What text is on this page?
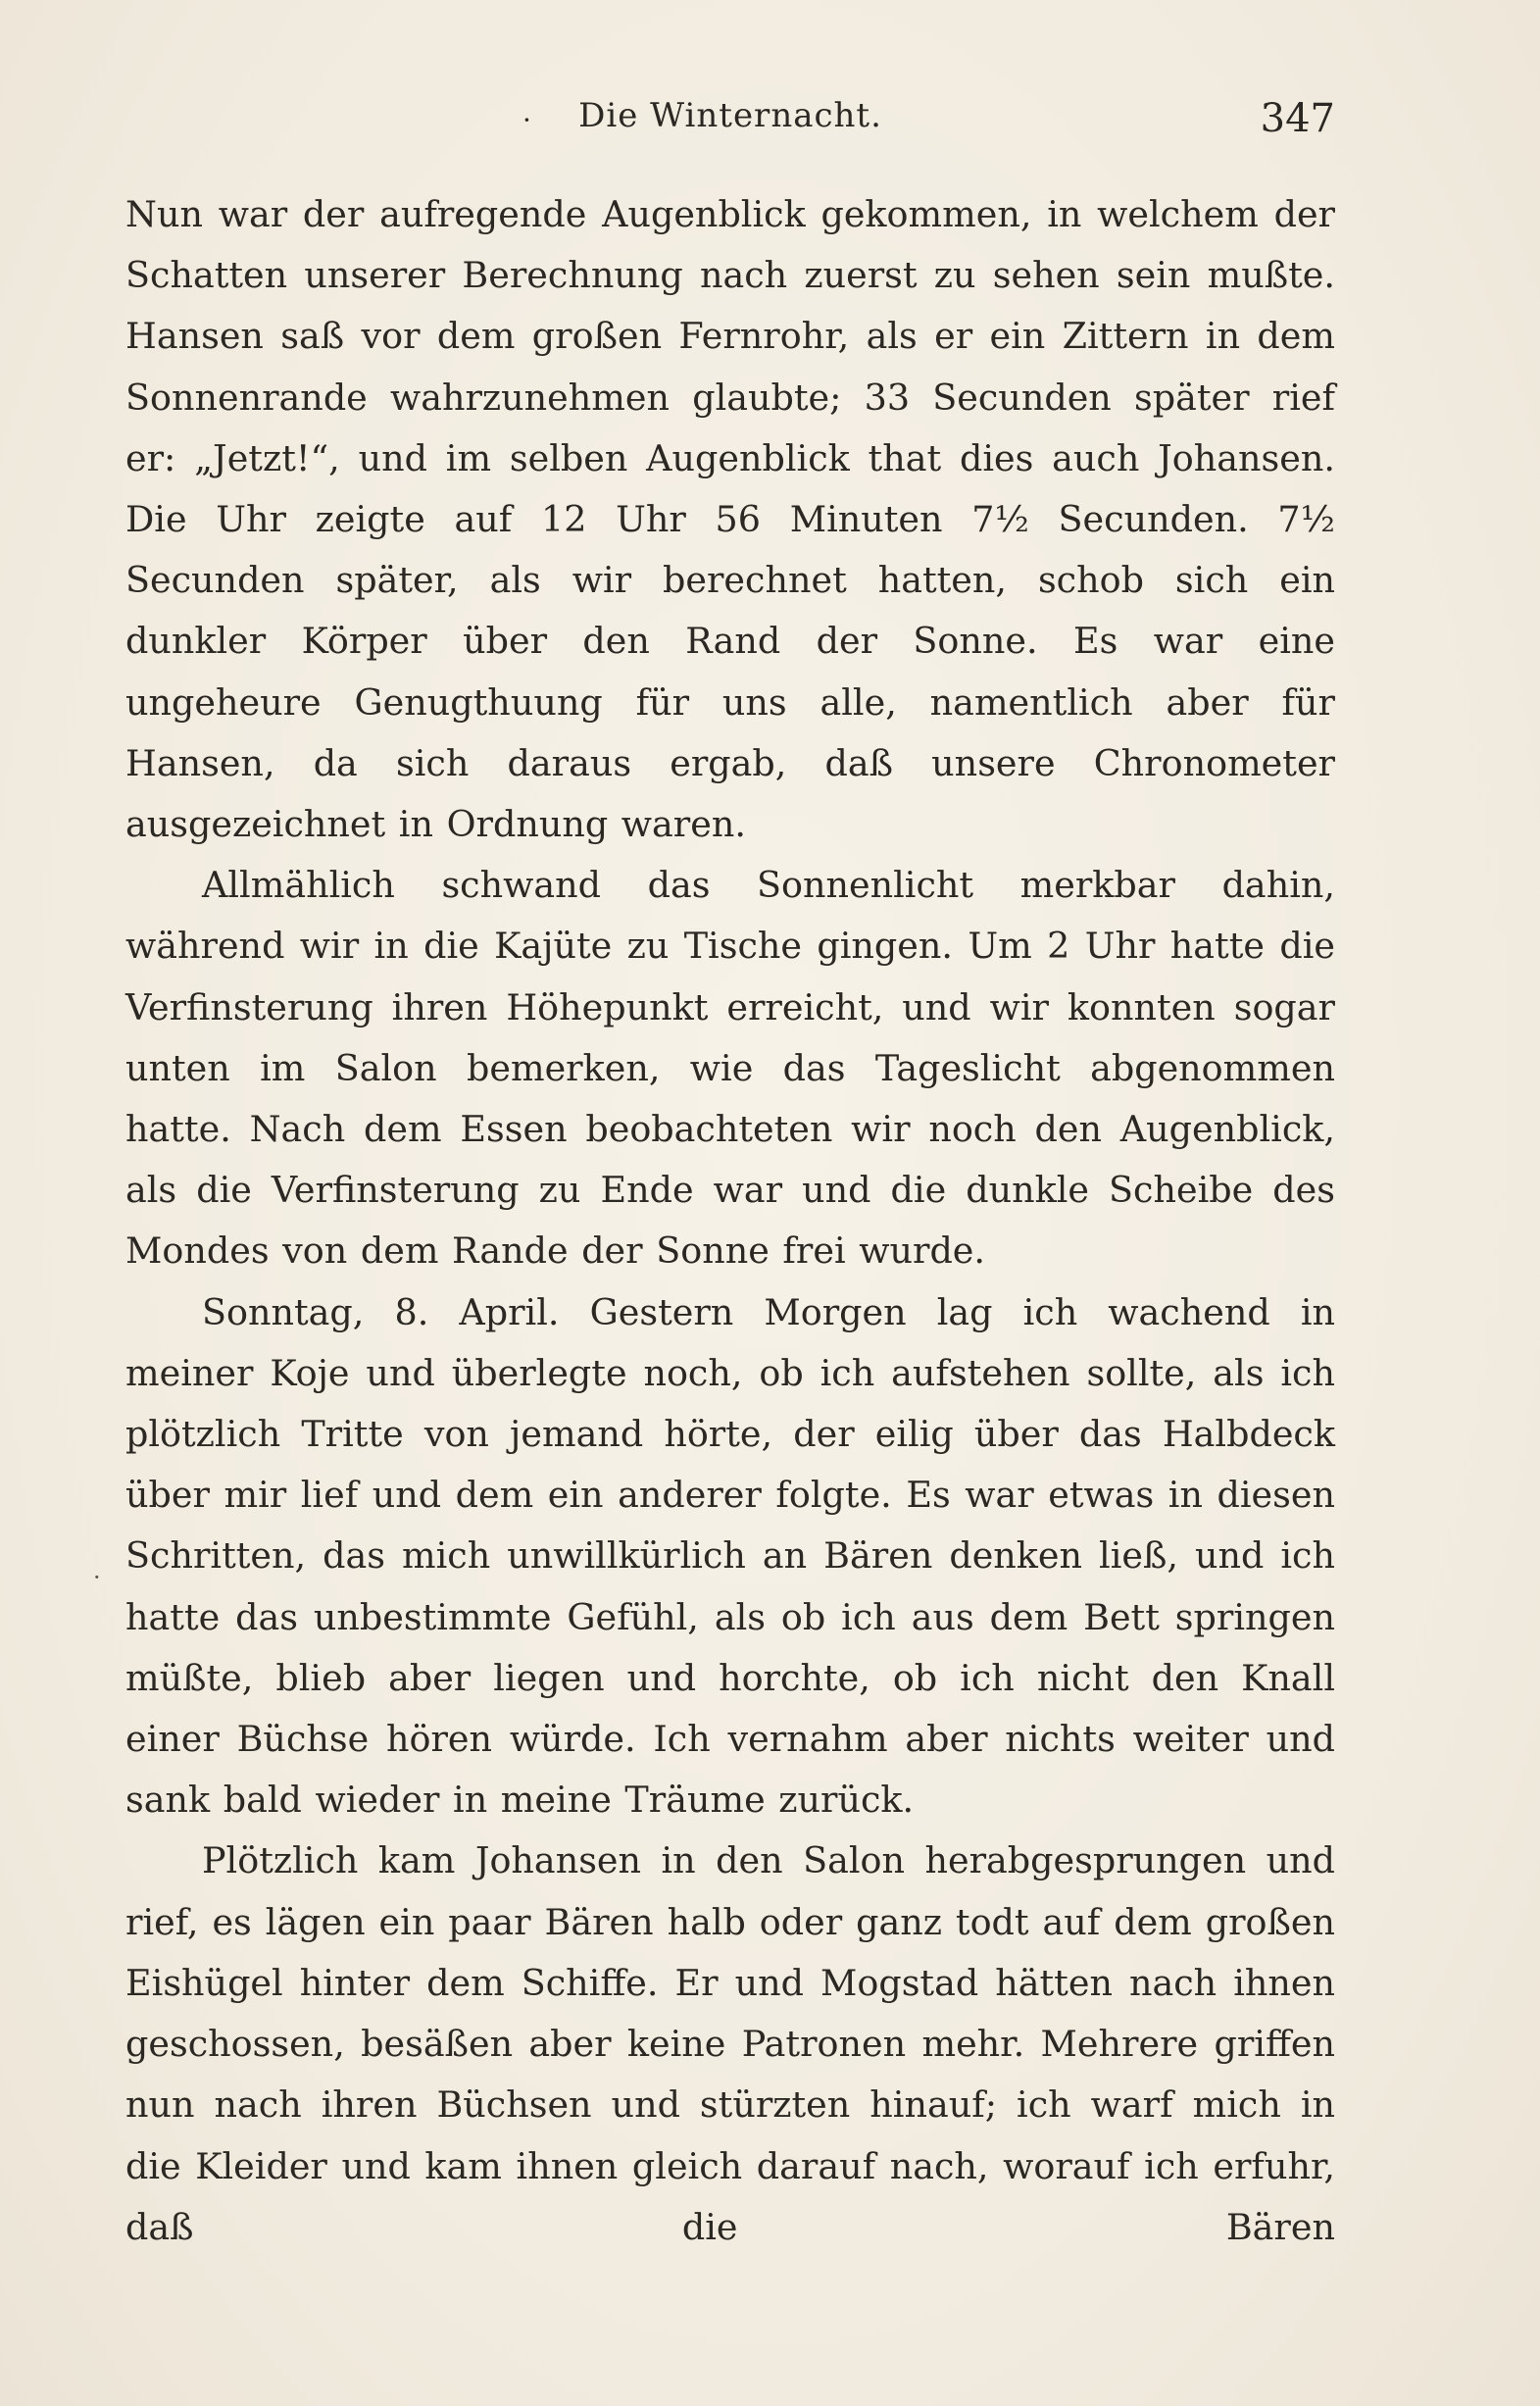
·	Die Winternacht.	347
·

Nun war der aufregende Augenblick gekommen, in welchem der Schatten unserer Berechnung nach zuerst zu sehen sein mußte. Hansen saß vor dem großen Fernrohr, als er ein Zittern in dem Sonnenrande wahrzunehmen glaubte; 33 Secunden später rief er: „Jetzt!“, und im selben Augenblick that dies auch Johansen. Die Uhr zeigte auf 12 Uhr 56 Minuten 7½ Secunden. 7½ Secunden später, als wir berechnet hatten, schob sich ein dunkler Körper über den Rand der Sonne. Es war eine ungeheure Genugthuung für uns alle, namentlich aber für Hansen, da sich daraus ergab, daß unsere Chronometer ausgezeichnet in Ordnung waren.

Allmählich schwand das Sonnenlicht merkbar dahin, während wir in die Kajüte zu Tische gingen. Um 2 Uhr hatte die Verfinsterung ihren Höhepunkt erreicht, und wir konnten sogar unten im Salon bemerken, wie das Tageslicht abgenommen hatte. Nach dem Essen beobachteten wir noch den Augenblick, als die Verfinsterung zu Ende war und die dunkle Scheibe des Mondes von dem Rande der Sonne frei wurde.

Sonntag, 8. April. Gestern Morgen lag ich wachend in meiner Koje und überlegte noch, ob ich aufstehen sollte, als ich plötzlich Tritte von jemand hörte, der eilig über das Halbdeck über mir lief und dem ein anderer folgte. Es war etwas in diesen Schritten, das mich unwillkürlich an Bären denken ließ, und ich hatte das unbestimmte Gefühl, als ob ich aus dem Bett springen müßte, blieb aber liegen und horchte, ob ich nicht den Knall einer Büchse hören würde. Ich vernahm aber nichts weiter und sank bald wieder in meine Träume zurück.

Plötzlich kam Johansen in den Salon herabgesprungen und rief, es lägen ein paar Bären halb oder ganz todt auf dem großen Eishügel hinter dem Schiffe. Er und Mogstad hätten nach ihnen geschossen, besäßen aber keine Patronen mehr. Mehrere griffen nun nach ihren Büchsen und stürzten hinauf; ich warf mich in die Kleider und kam ihnen gleich darauf nach, worauf ich erfuhr, daß die Bären
